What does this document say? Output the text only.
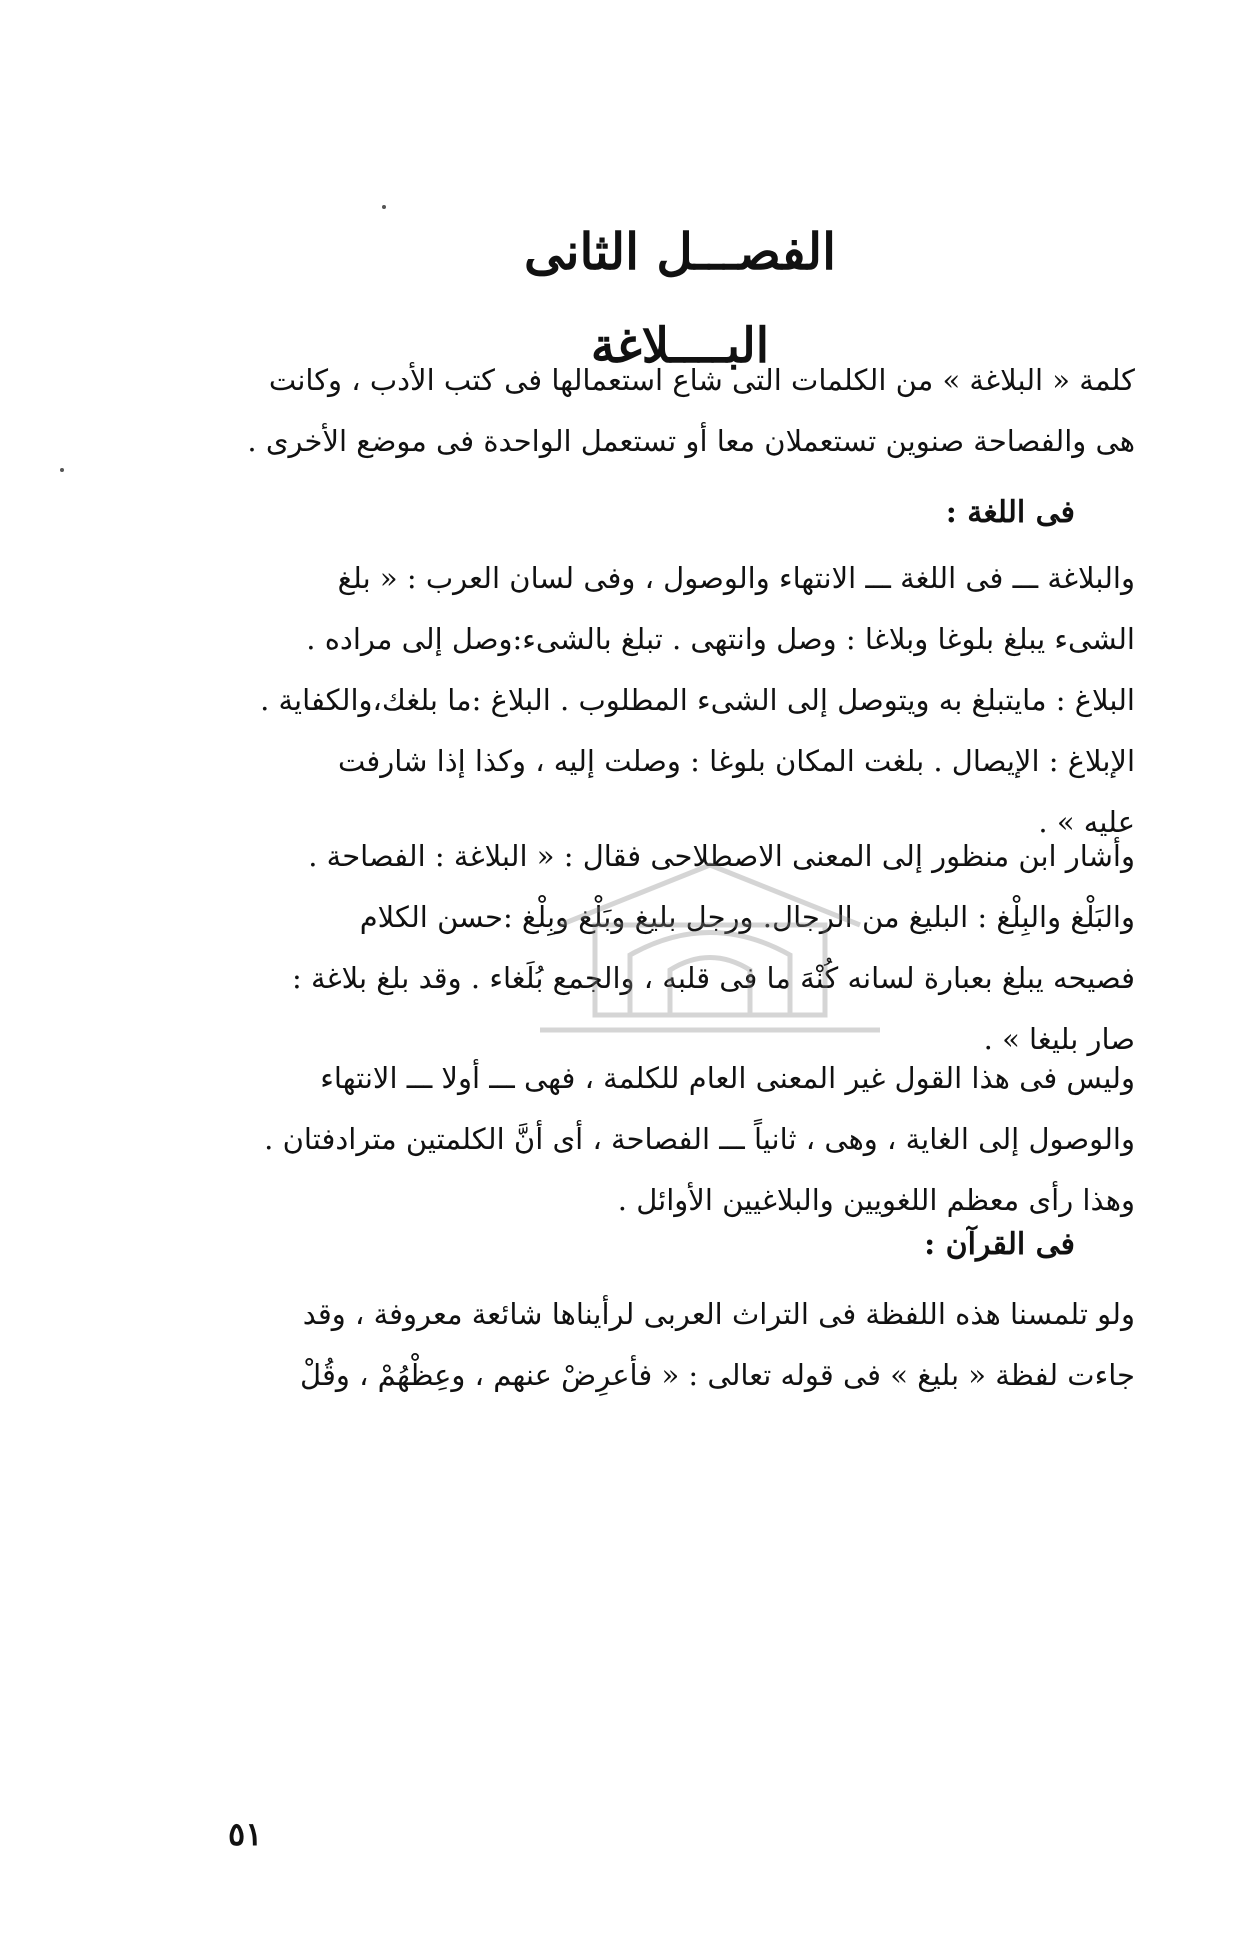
الفصـــل الثانى
البــــلاغة
كلمة « البلاغة » من الكلمات التى شاع استعمالها فى كتب الأدب ، وكانت
هى والفصاحة صنوين تستعملان معا أو تستعمل الواحدة فى موضع الأخرى .
فى اللغة :
والبلاغة ـــ فى اللغة ـــ الانتهاء والوصول ، وفى لسان العرب : « بلغ
الشىء يبلغ بلوغا وبلاغا : وصل وانتهى . تبلغ بالشىء:وصل إلى مراده .
البلاغ : مايتبلغ به ويتوصل إلى الشىء المطلوب . البلاغ :ما بلغك،والكفاية .
الإبلاغ : الإيصال . بلغت المكان بلوغا : وصلت إليه ، وكذا إذا شارفت
عليه » .
وأشار ابن منظور إلى المعنى الاصطلاحى فقال : « البلاغة : الفصاحة .
والبَلْغ والبِلْغ : البليغ من الرجال. ورجل بليغ وبَلْغ وبِلْغ :حسن الكلام
فصيحه يبلغ بعبارة لسانه كُنْهَ ما فى قلبه ، والجمع بُلَغاء . وقد بلغ بلاغة :
صار بليغا » .
وليس فى هذا القول غير المعنى العام للكلمة ، فهى ـــ أولا ـــ الانتهاء
والوصول إلى الغاية ، وهى ، ثانياً ـــ الفصاحة ، أى أنَّ الكلمتين مترادفتان .
وهذا رأى معظم اللغويين والبلاغيين الأوائل .
فى القرآن :
ولو تلمسنا هذه اللفظة فى التراث العربى لرأيناها شائعة معروفة ، وقد
جاءت لفظة « بليغ » فى قوله تعالى : « فأعرِضْ عنهم ، وعِظْهُمْ ، وقُلْ
٥١
